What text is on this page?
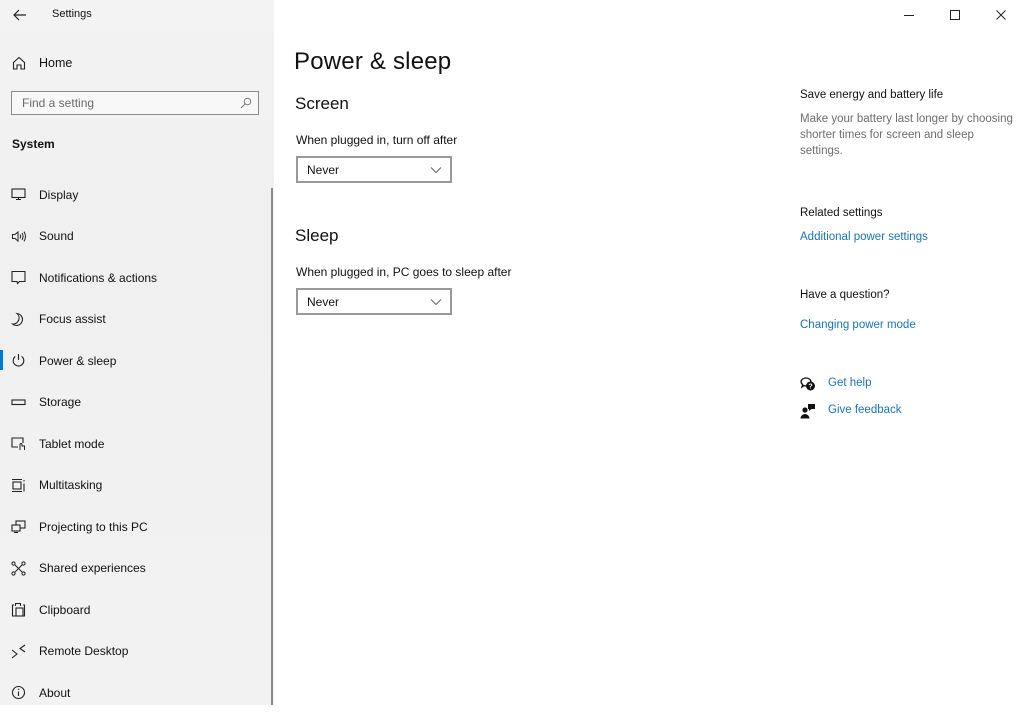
Settings
Home
Find a setting
System
Display
Sound
Notifications & actions
Focus assist
Power & sleep
Storage
Tablet mode
Multitasking
Projecting to this PC
Shared experiences
Clipboard
Remote Desktop
About
Power & sleep
Screen
When plugged in, turn off after
Never
Sleep
When plugged in, PC goes to sleep after
Never
Save energy and battery life
Make your battery last longer by choosing shorter times for screen and sleep settings.
Related settings
Additional power settings
Have a question?
Changing power mode
? Get help
Give feedback
